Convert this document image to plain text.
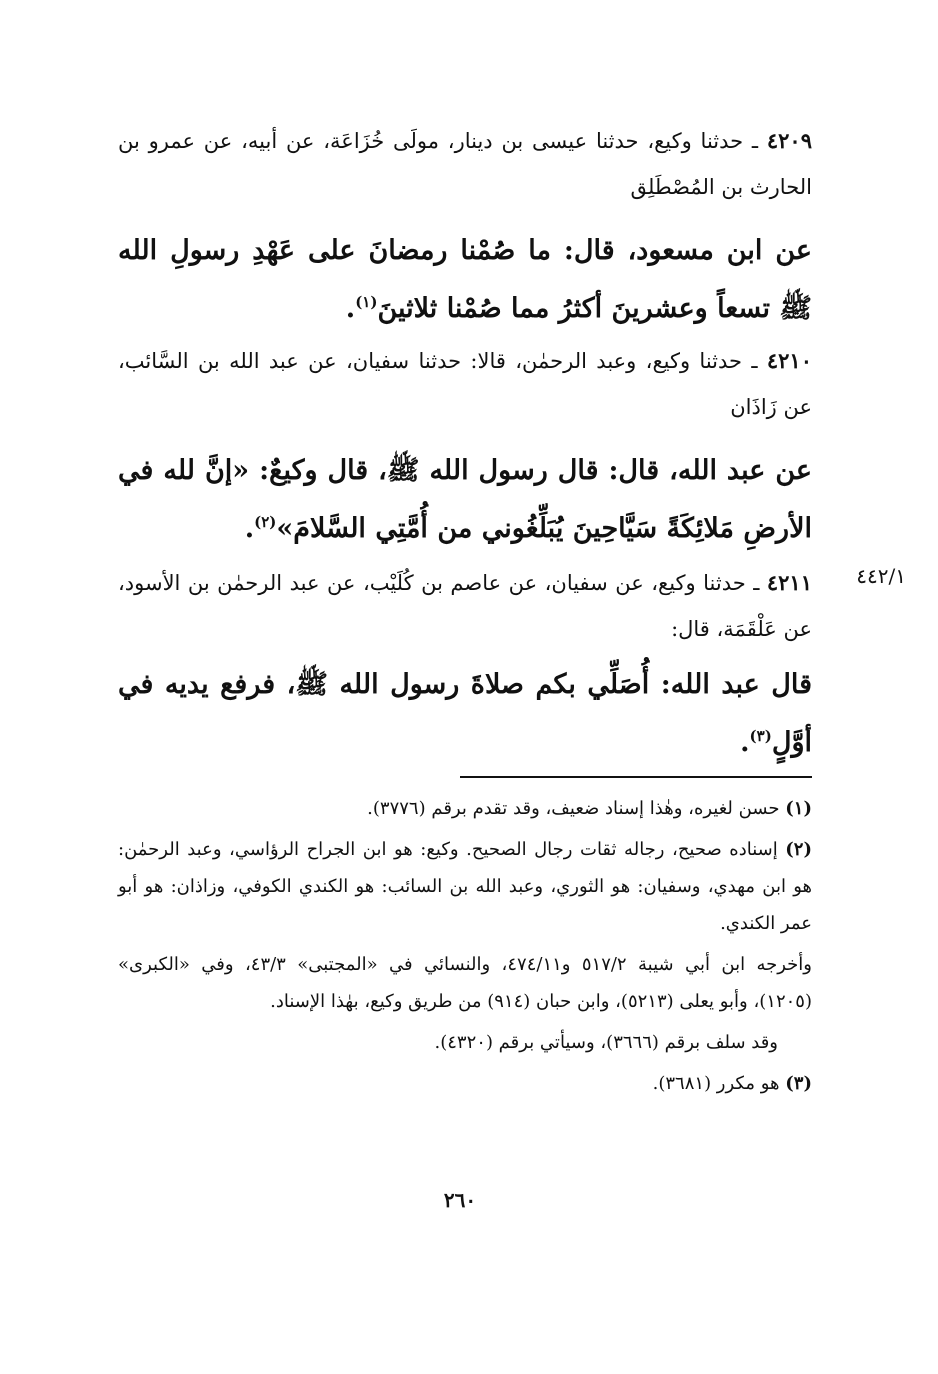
٤٢٠٩ ـ حدثنا وكيع، حدثنا عيسى بن دينار، مولَى خُزَاعَة، عن أبيه، عن عمرو بن الحارث بن المُصْطَلِق
عن ابن مسعود، قال: ما صُمْنا رمضانَ على عَهْدِ رسولِ الله ﷺ تسعاً وعشرينَ أكثرُ مما صُمْنا ثلاثينَ$^{(١)}$.
٤٢١٠ ـ حدثنا وكيع، وعبد الرحمٰن، قالا: حدثنا سفيان، عن عبد الله بن السَّائب، عن زَاذَان
عن عبد الله، قال: قال رسول الله ﷺ، قال وكيعٌ: «إنَّ لله في الأرضِ مَلائِكَةً سَيَّاحِينَ يُبَلِّغُوني من أُمَّتِي السَّلامَ»$^{(٢)}$.
٤٤٢/١
٤٢١١ ـ حدثنا وكيع، عن سفيان، عن عاصم بن كُلَيْب، عن عبد الرحمٰن بن الأسود، عن عَلْقَمَة، قال:
قال عبد الله: أُصَلِّي بكم صلاةَ رسول الله ﷺ، فرفع يديه في أوَّلٍ$^{(٣)}$.
(١) حسن لغيره، وهٰذا إسناد ضعيف، وقد تقدم برقم (٣٧٧٦).
(٢) إسناده صحيح، رجاله ثقات رجال الصحيح. وكيع: هو ابن الجراح الرؤاسي، وعبد الرحمٰن: هو ابن مهدي، وسفيان: هو الثوري، وعبد الله بن السائب: هو الكندي الكوفي، وزاذان: هو أبو عمر الكندي.
وأخرجه ابن أبي شيبة ٥١٧/٢ و٤٧٤/١١، والنسائي في «المجتبى» ٤٣/٣، وفي «الكبرى» (١٢٠٥)، وأبو يعلى (٥٢١٣)، وابن حبان (٩١٤) من طريق وكيع، بهٰذا الإسناد.
وقد سلف برقم (٣٦٦٦)، وسيأتي برقم (٤٣٢٠).
(٣) هو مكرر (٣٦٨١).
٢٦٠
